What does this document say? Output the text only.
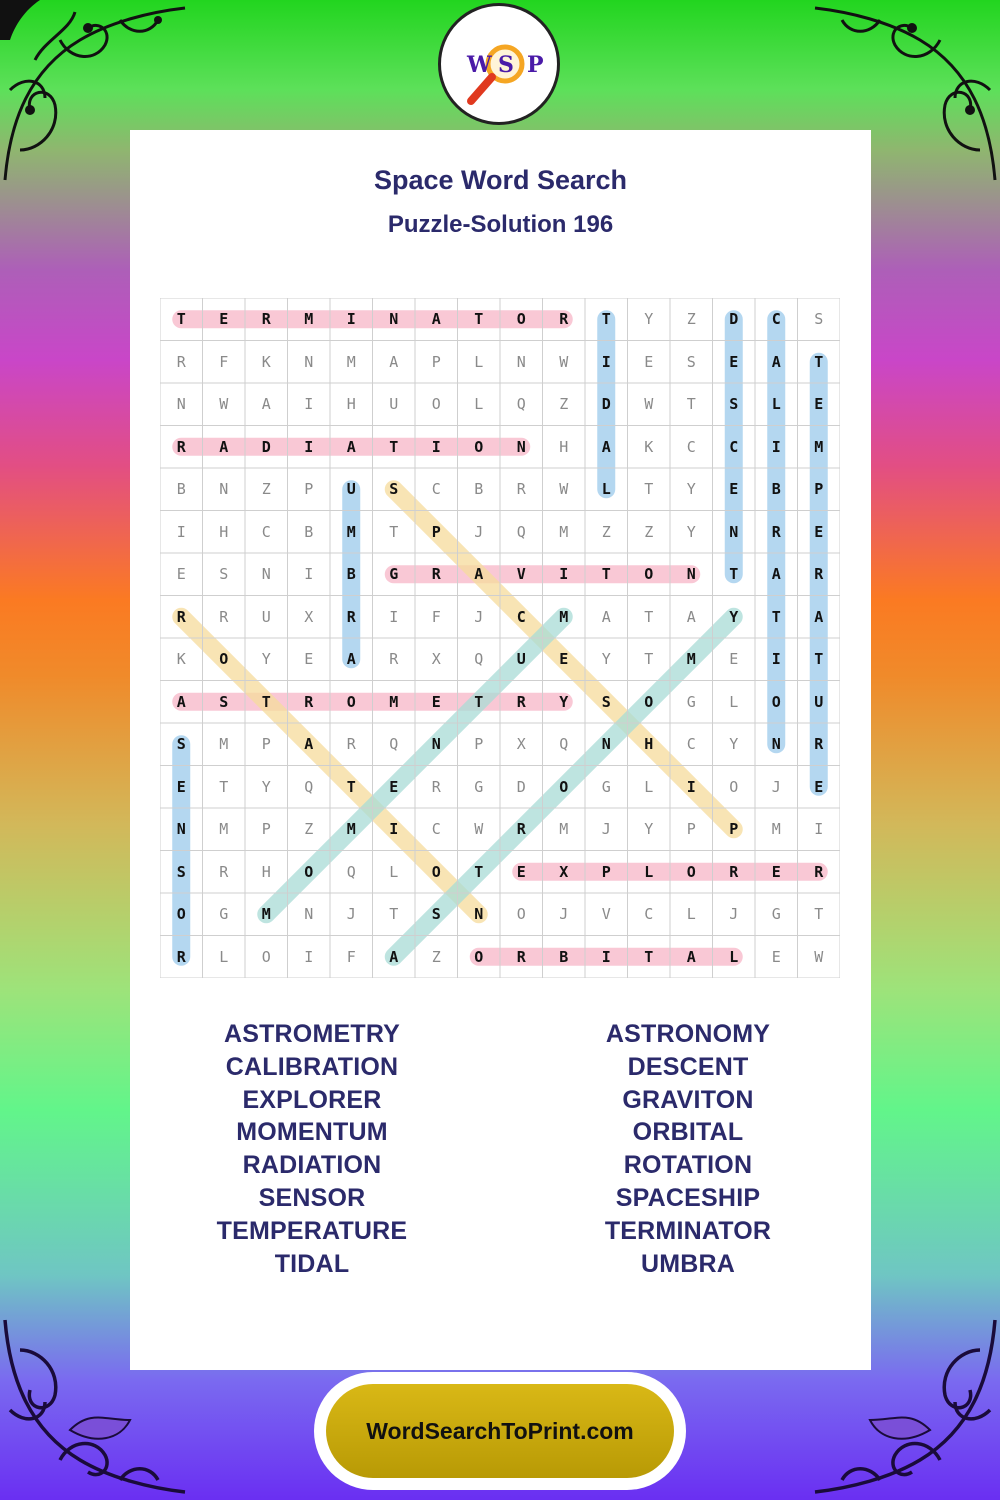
W S P
Space Word Search
Puzzle-Solution 196
T	E	R	M	I	N	A	T	O	R	T	Y	Z	D	C	S
R	F	K	N	M	A	P	L	N	W	I	E	S	E	A	T
N	W	A	I	H	U	O	L	Q	Z	D	W	T	S	L	E
R	A	D	I	A	T	I	O	N	H	A	K	C	C	I	M
B	N	Z	P	U	S	C	B	R	W	L	T	Y	E	B	P
I	H	C	B	M	T	P	J	Q	M	Z	Z	Y	N	R	E
E	S	N	I	B	G	R	A	V	I	T	O	N	T	A	R
R	R	U	X	R	I	F	J	C	M	A	T	A	Y	T	A
K	O	Y	E	A	R	X	Q	U	E	Y	T	M	E	I	T
A	S	T	R	O	M	E	T	R	Y	S	O	G	L	O	U
S	M	P	A	R	Q	N	P	X	Q	N	H	C	Y	N	R
E	T	Y	Q	T	E	R	G	D	O	G	L	I	O	J	E
N	M	P	Z	M	I	C	W	R	M	J	Y	P	P	M	I
S	R	H	O	Q	L	O	T	E	X	P	L	O	R	E	R
O	G	M	N	J	T	S	N	O	J	V	C	L	J	G	T
R	L	O	I	F	A	Z	O	R	B	I	T	A	L	E	W
ASTROMETRY
CALIBRATION
EXPLORER
MOMENTUM
RADIATION
SENSOR
TEMPERATURE
TIDAL
ASTRONOMY
DESCENT
GRAVITON
ORBITAL
ROTATION
SPACESHIP
TERMINATOR
UMBRA
WordSearchToPrint.com
